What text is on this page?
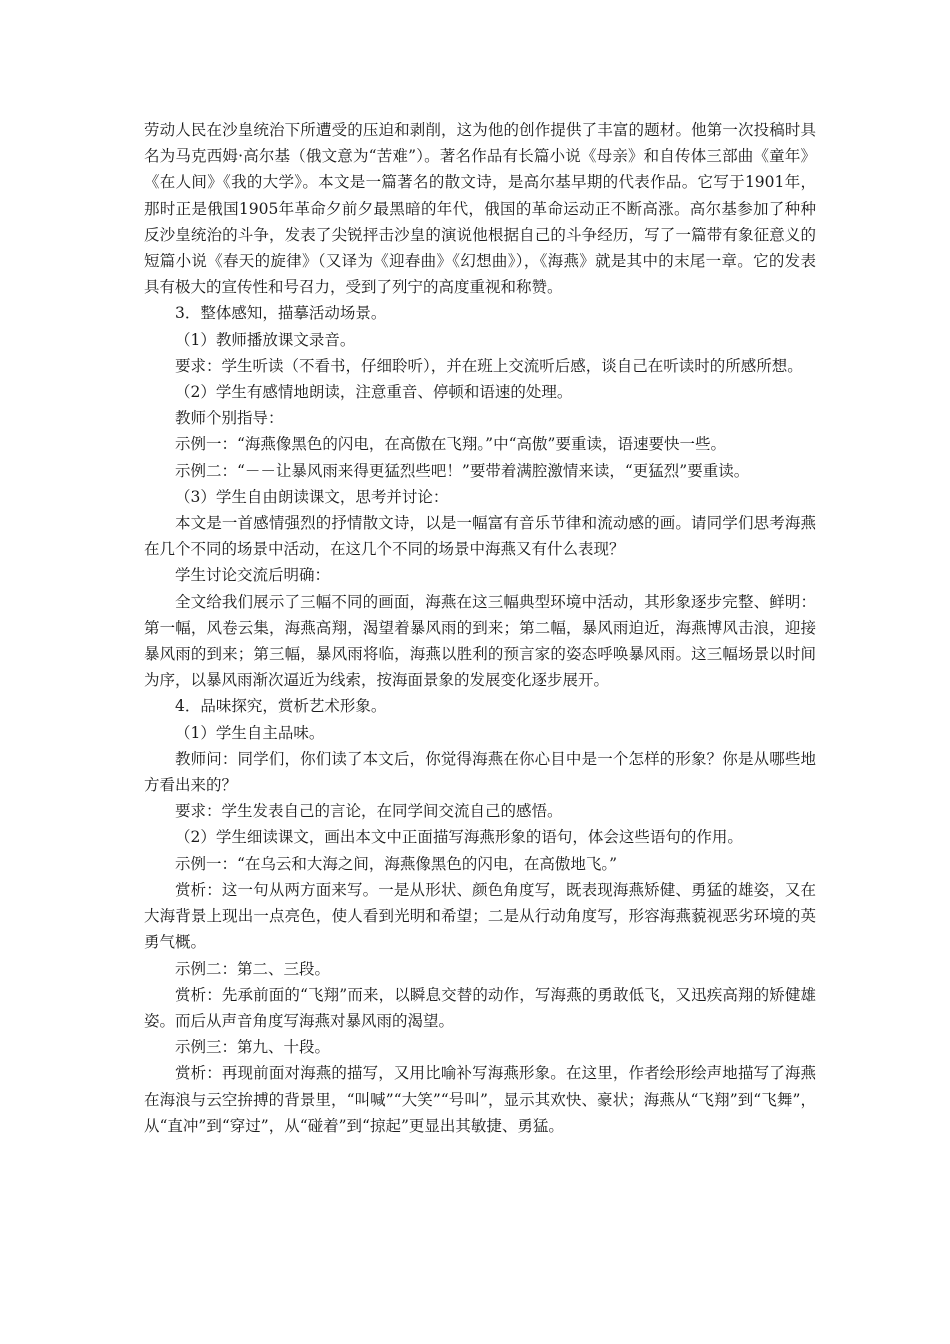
劳动人民在沙皇统治下所遭受的压迫和剥削，这为他的创作提供了丰富的题材。他第一次投稿时具名为马克西姆·高尔基（俄文意为“苦难”）。著名作品有长篇小说《母亲》和自传体三部曲《童年》《在人间》《我的大学》。本文是一篇著名的散文诗，是高尔基早期的代表作品。它写于1901年，那时正是俄国1905年革命夕前夕最黑暗的年代，俄国的革命运动正不断高涨。高尔基参加了种种反沙皇统治的斗争，发表了尖锐抨击沙皇的演说他根据自己的斗争经历，写了一篇带有象征意义的短篇小说《春天的旋律》（又译为《迎春曲》《幻想曲》），《海燕》就是其中的末尾一章。它的发表具有极大的宣传性和号召力，受到了列宁的高度重视和称赞。

3．整体感知，描摹活动场景。

（1）教师播放课文录音。

要求：学生听读（不看书，仔细聆听），并在班上交流听后感，谈自己在听读时的所感所想。

（2）学生有感情地朗读，注意重音、停顿和语速的处理。

教师个别指导：

示例一：“海燕像黑色的闪电，在高傲在飞翔。”中“高傲”要重读，语速要快一些。

示例二：“－－让暴风雨来得更猛烈些吧！”要带着满腔激情来读，“更猛烈”要重读。

（3）学生自由朗读课文，思考并讨论：

本文是一首感情强烈的抒情散文诗，以是一幅富有音乐节律和流动感的画。请同学们思考海燕在几个不同的场景中活动，在这几个不同的场景中海燕又有什么表现？

学生讨论交流后明确：

全文给我们展示了三幅不同的画面，海燕在这三幅典型环境中活动，其形象逐步完整、鲜明：第一幅，风卷云集，海燕高翔，渴望着暴风雨的到来；第二幅，暴风雨迫近，海燕博风击浪，迎接暴风雨的到来；第三幅，暴风雨将临，海燕以胜利的预言家的姿态呼唤暴风雨。这三幅场景以时间为序，以暴风雨渐次逼近为线索，按海面景象的发展变化逐步展开。

4．品味探究，赏析艺术形象。

（1）学生自主品味。

教师问：同学们，你们读了本文后，你觉得海燕在你心目中是一个怎样的形象？你是从哪些地方看出来的？

要求：学生发表自己的言论，在同学间交流自己的感悟。

（2）学生细读课文，画出本文中正面描写海燕形象的语句，体会这些语句的作用。

示例一：“在乌云和大海之间，海燕像黑色的闪电，在高傲地飞。”

赏析：这一句从两方面来写。一是从形状、颜色角度写，既表现海燕矫健、勇猛的雄姿，又在大海背景上现出一点亮色，使人看到光明和希望；二是从行动角度写，形容海燕藐视恶劣环境的英勇气概。

示例二：第二、三段。

赏析：先承前面的“飞翔”而来，以瞬息交替的动作，写海燕的勇敢低飞，又迅疾高翔的矫健雄姿。而后从声音角度写海燕对暴风雨的渴望。

示例三：第九、十段。

赏析：再现前面对海燕的描写，又用比喻补写海燕形象。在这里，作者绘形绘声地描写了海燕在海浪与云空拚搏的背景里，“叫喊”“大笑”“号叫”，显示其欢快、豪状；海燕从“飞翔”到“飞舞”，从“直冲”到“穿过”，从“碰着”到“掠起”更显出其敏捷、勇猛。
